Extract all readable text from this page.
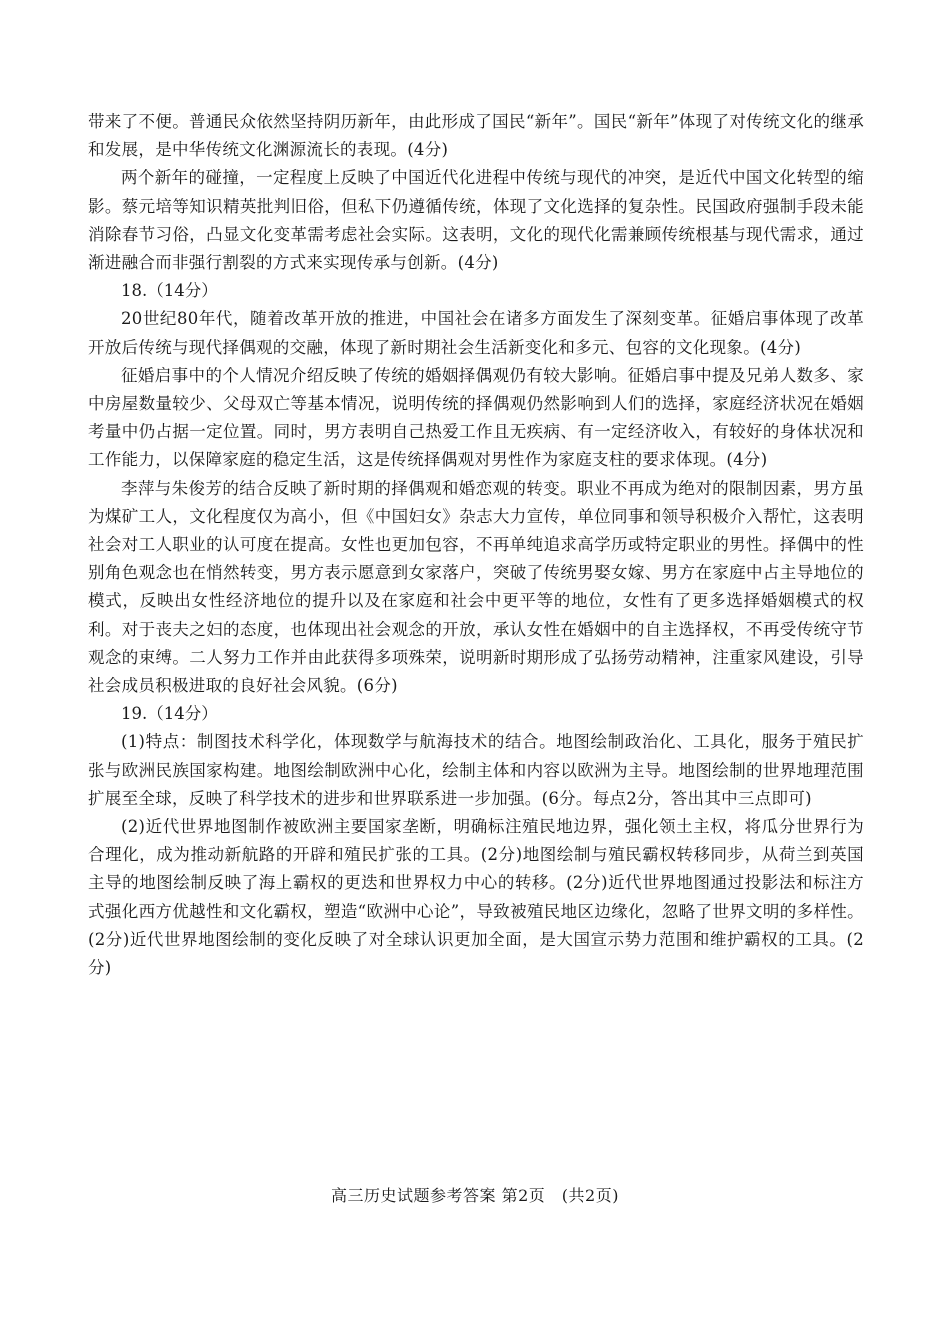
带来了不便。普通民众依然坚持阴历新年，由此形成了国民“新年”。国民“新年”体现了对传统文化的继承和发展，是中华传统文化渊源流长的表现。(4分)

两个新年的碰撞，一定程度上反映了中国近代化进程中传统与现代的冲突，是近代中国文化转型的缩影。蔡元培等知识精英批判旧俗，但私下仍遵循传统，体现了文化选择的复杂性。民国政府强制手段未能消除春节习俗，凸显文化变革需考虑社会实际。这表明，文化的现代化需兼顾传统根基与现代需求，通过渐进融合而非强行割裂的方式来实现传承与创新。(4分)

18.（14分）

20世纪80年代，随着改革开放的推进，中国社会在诸多方面发生了深刻变革。征婚启事体现了改革开放后传统与现代择偶观的交融，体现了新时期社会生活新变化和多元、包容的文化现象。(4分)

征婚启事中的个人情况介绍反映了传统的婚姻择偶观仍有较大影响。征婚启事中提及兄弟人数多、家中房屋数量较少、父母双亡等基本情况，说明传统的择偶观仍然影响到人们的选择，家庭经济状况在婚姻考量中仍占据一定位置。同时，男方表明自己热爱工作且无疾病、有一定经济收入，有较好的身体状况和工作能力，以保障家庭的稳定生活，这是传统择偶观对男性作为家庭支柱的要求体现。(4分)

李萍与朱俊芳的结合反映了新时期的择偶观和婚恋观的转变。职业不再成为绝对的限制因素，男方虽为煤矿工人，文化程度仅为高小，但《中国妇女》杂志大力宣传，单位同事和领导积极介入帮忙，这表明社会对工人职业的认可度在提高。女性也更加包容，不再单纯追求高学历或特定职业的男性。择偶中的性别角色观念也在悄然转变，男方表示愿意到女家落户，突破了传统男娶女嫁、男方在家庭中占主导地位的模式，反映出女性经济地位的提升以及在家庭和社会中更平等的地位，女性有了更多选择婚姻模式的权利。对于丧夫之妇的态度，也体现出社会观念的开放，承认女性在婚姻中的自主选择权，不再受传统守节观念的束缚。二人努力工作并由此获得多项殊荣，说明新时期形成了弘扬劳动精神，注重家风建设，引导社会成员积极进取的良好社会风貌。(6分)

19.（14分）

(1)特点：制图技术科学化，体现数学与航海技术的结合。地图绘制政治化、工具化，服务于殖民扩张与欧洲民族国家构建。地图绘制欧洲中心化，绘制主体和内容以欧洲为主导。地图绘制的世界地理范围扩展至全球，反映了科学技术的进步和世界联系进一步加强。(6分。每点2分，答出其中三点即可)

(2)近代世界地图制作被欧洲主要国家垄断，明确标注殖民地边界，强化领土主权，将瓜分世界行为合理化，成为推动新航路的开辟和殖民扩张的工具。(2分)地图绘制与殖民霸权转移同步，从荷兰到英国主导的地图绘制反映了海上霸权的更迭和世界权力中心的转移。(2分)近代世界地图通过投影法和标注方式强化西方优越性和文化霸权，塑造“欧洲中心论”，导致被殖民地区边缘化，忽略了世界文明的多样性。(2分)近代世界地图绘制的变化反映了对全球认识更加全面，是大国宣示势力范围和维护霸权的工具。(2分)

高三历史试题参考答案 第2页　(共2页)
